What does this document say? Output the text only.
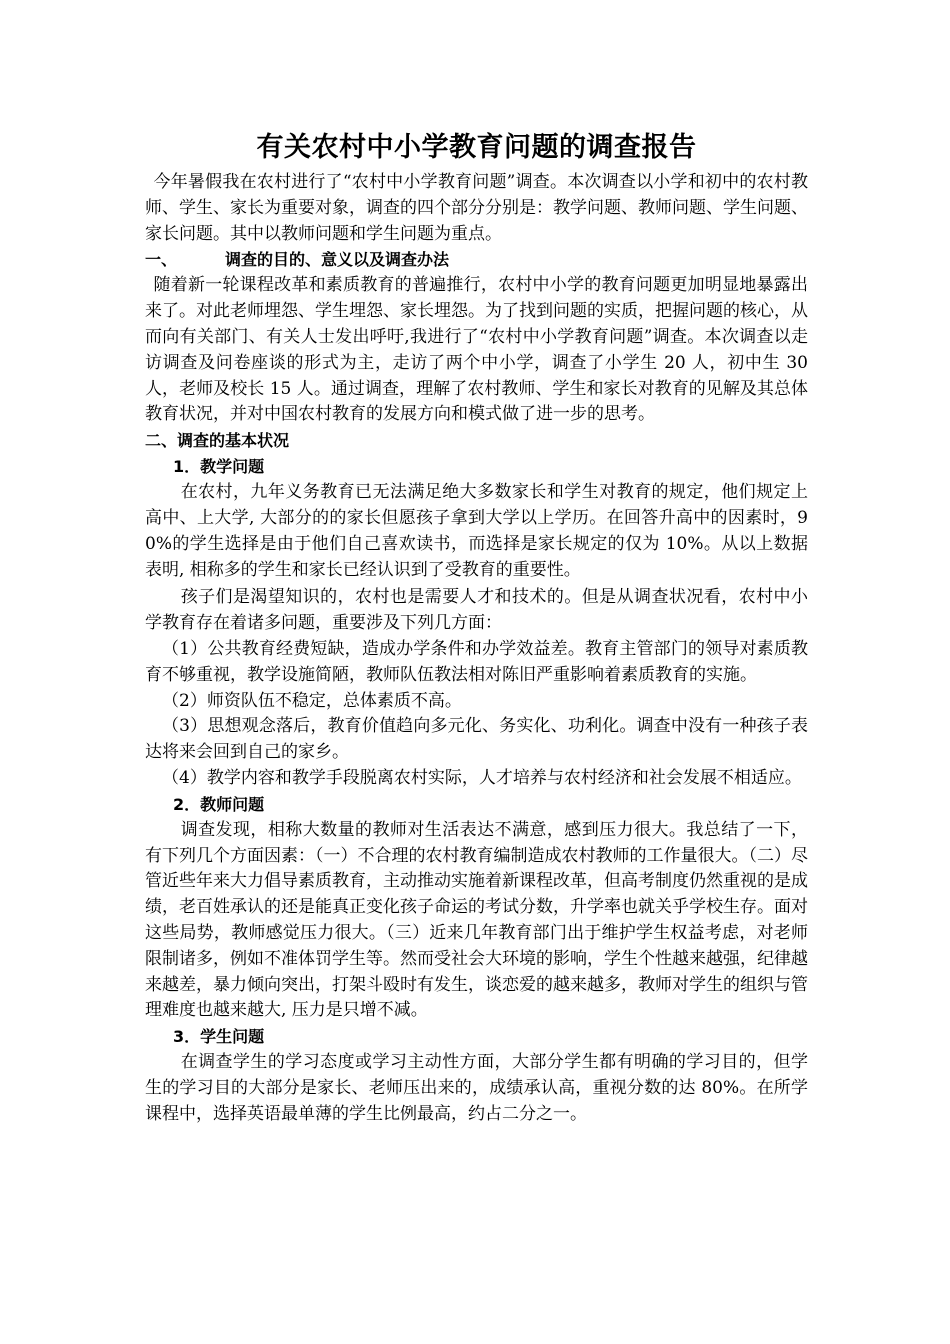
有关农村中小学教育问题的调查报告

今年暑假我在农村进行了“农村中小学教育问题”调查。本次调查以小学和初中的农村教师、学生、家长为重要对象，调查的四个部分分别是：教学问题、教师问题、学生问题、家长问题。其中以教师问题和学生问题为重点。

一、	调查的目的、意义以及调查办法

随着新一轮课程改革和素质教育的普遍推行，农村中小学的教育问题更加明显地暴露出来了。对此老师埋怨、学生埋怨、家长埋怨。为了找到问题的实质，把握问题的核心，从而向有关部门、有关人士发出呼吁,我进行了“农村中小学教育问题”调查。本次调查以走访调查及问卷座谈的形式为主，走访了两个中小学，调查了小学生 20 人，初中生 30 人，老师及校长 15 人。通过调查，理解了农村教师、学生和家长对教育的见解及其总体教育状况，并对中国农村教育的发展方向和模式做了进一步的思考。

二、调查的基本状况

1．教学问题

在农村，九年义务教育已无法满足绝大多数家长和学生对教育的规定，他们规定上高中、上大学, 大部分的的家长但愿孩子拿到大学以上学历。在回答升高中的因素时，90%的学生选择是由于他们自己喜欢读书，而选择是家长规定的仅为 10%。从以上数据表明, 相称多的学生和家长已经认识到了受教育的重要性。

孩子们是渴望知识的，农村也是需要人才和技术的。但是从调查状况看，农村中小学教育存在着诸多问题，重要涉及下列几方面：

（1）公共教育经费短缺，造成办学条件和办学效益差。教育主管部门的领导对素质教育不够重视，教学设施简陋，教师队伍教法相对陈旧严重影响着素质教育的实施。

（2）师资队伍不稳定，总体素质不高。

（3）思想观念落后，教育价值趋向多元化、务实化、功利化。调查中没有一种孩子表达将来会回到自己的家乡。

（4）教学内容和教学手段脱离农村实际，人才培养与农村经济和社会发展不相适应。

2．教师问题

调查发现，相称大数量的教师对生活表达不满意，感到压力很大。我总结了一下，有下列几个方面因素：（一）不合理的农村教育编制造成农村教师的工作量很大。（二）尽管近些年来大力倡导素质教育，主动推动实施着新课程改革，但高考制度仍然重视的是成绩，老百姓承认的还是能真正变化孩子命运的考试分数，升学率也就关乎学校生存。面对这些局势，教师感觉压力很大。（三）近来几年教育部门出于维护学生权益考虑，对老师限制诸多，例如不准体罚学生等。然而受社会大环境的影响，学生个性越来越强，纪律越来越差，暴力倾向突出，打架斗殴时有发生，谈恋爱的越来越多，教师对学生的组织与管理难度也越来越大, 压力是只增不减。

3．学生问题

在调查学生的学习态度或学习主动性方面，大部分学生都有明确的学习目的，但学生的学习目的大部分是家长、老师压出来的，成绩承认高，重视分数的达 80%。在所学课程中，选择英语最单薄的学生比例最高，约占二分之一。
